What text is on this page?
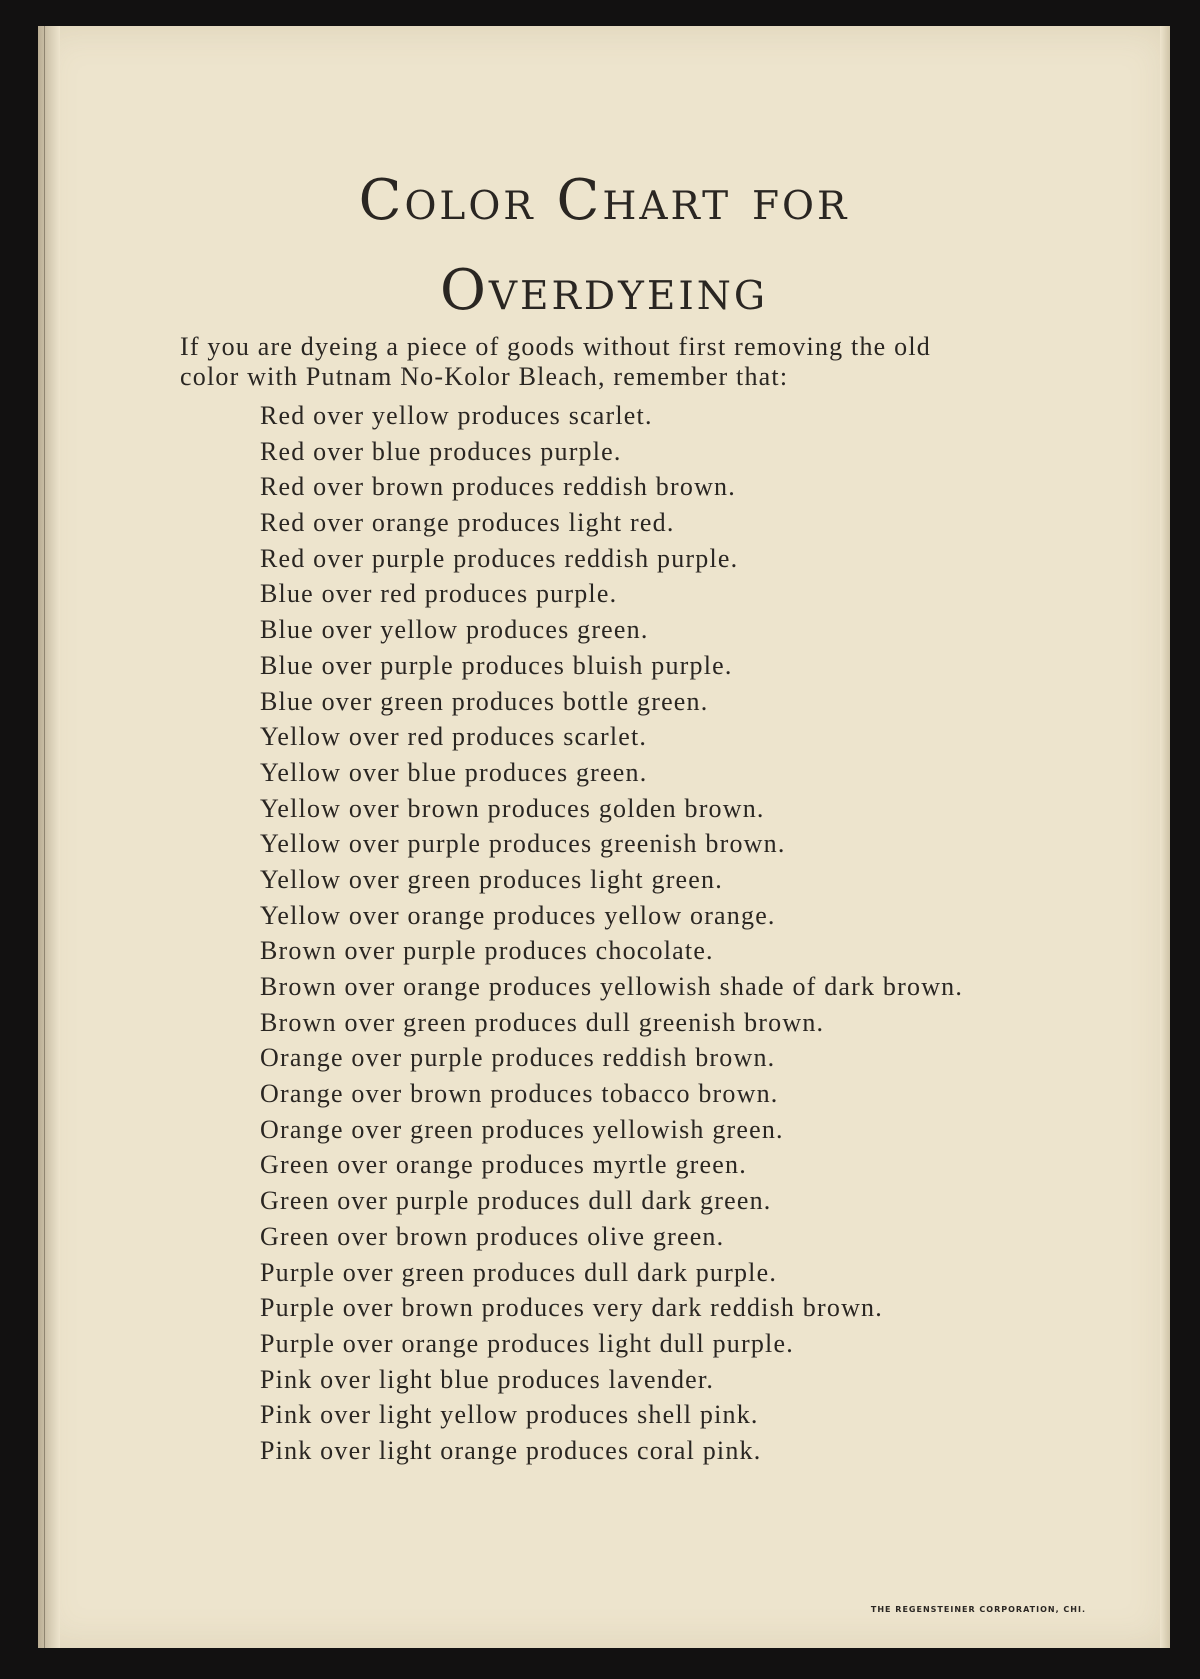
Color Chart for
Overdyeing

If you are dyeing a piece of goods without first removing the old

color with Putnam No-Kolor Bleach, remember that:

Red over yellow produces scarlet.
Red over blue produces purple.
Red over brown produces reddish brown.
Red over orange produces light red.
Red over purple produces reddish purple.
Blue over red produces purple.
Blue over yellow produces green.
Blue over purple produces bluish purple.
Blue over green produces bottle green.
Yellow over red produces scarlet.
Yellow over blue produces green.
Yellow over brown produces golden brown.
Yellow over purple produces greenish brown.
Yellow over green produces light green.
Yellow over orange produces yellow orange.
Brown over purple produces chocolate.
Brown over orange produces yellowish shade of dark brown.
Brown over green produces dull greenish brown.
Orange over purple produces reddish brown.
Orange over brown produces tobacco brown.
Orange over green produces yellowish green.
Green over orange produces myrtle green.
Green over purple produces dull dark green.
Green over brown produces olive green.
Purple over green produces dull dark purple.
Purple over brown produces very dark reddish brown.
Purple over orange produces light dull purple.
Pink over light blue produces lavender.
Pink over light yellow produces shell pink.
Pink over light orange produces coral pink.
THE REGENSTEINER CORPORATION, CHI.
